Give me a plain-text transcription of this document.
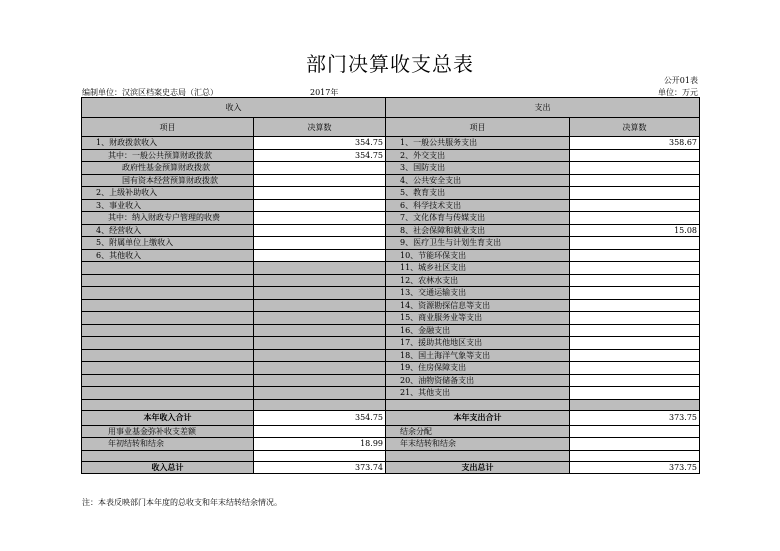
部门决算收支总表
公开01表
编制单位：汉滨区档案史志局（汇总）	2017年	单位：万元
收入		支出	
项目	决算数	项目	决算数
1、财政拨款收入	354.75	1、一般公共服务支出	358.67
其中：一般公共预算财政拨款	354.75	2、外交支出	
政府性基金预算财政拨款		3、国防支出	
国有资本经营预算财政拨款		4、公共安全支出	
2、上级补助收入		5、教育支出	
3、事业收入		6、科学技术支出	
其中：纳入财政专户管理的收费		7、文化体育与传媒支出	
4、经营收入		8、社会保障和就业支出	15.08
5、附属单位上缴收入		9、医疗卫生与计划生育支出	
6、其他收入		10、节能环保支出	
		11、城乡社区支出	
		12、农林水支出	
		13、交通运输支出	
		14、资源勘探信息等支出	
		15、商业服务业等支出	
		16、金融支出	
		17、援助其他地区支出	
		18、国土海洋气象等支出	
		19、住房保障支出	
		20、油物资储备支出	
		21、其他支出	

本年收入合计	354.75	本年支出合计	373.75
用事业基金弥补收支差额		结余分配	
年初结转和结余	18.99	年末结转和结余	

收入总计	373.74	支出总计	373.75
注：本表反映部门本年度的总收支和年末结转结余情况。
